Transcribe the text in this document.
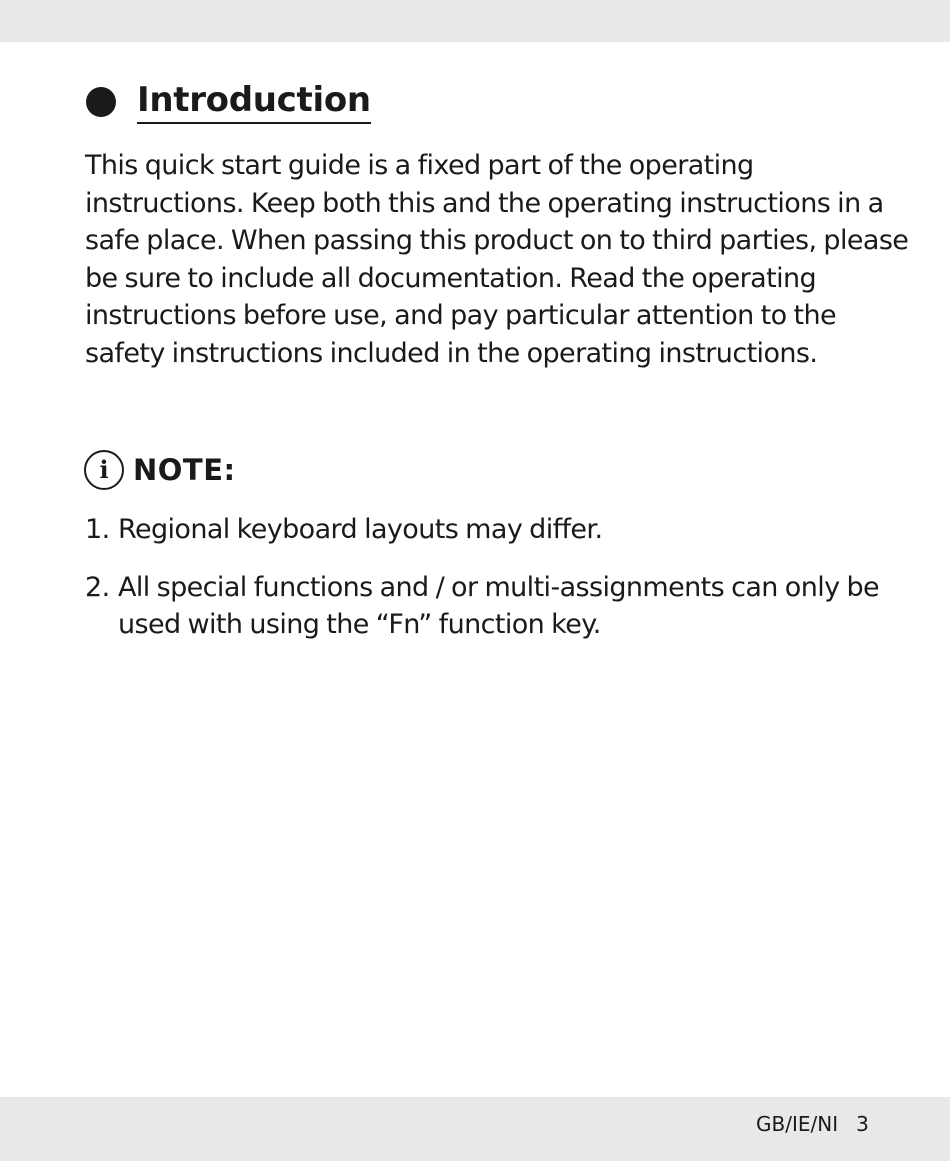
Introduction

This quick start guide is a fixed part of the operating instructions. Keep both this and the operating instructions in a safe place. When passing this product on to third parties, please be sure to include all documentation. Read the operating instructions before use, and pay particular attention to the safety instructions included in the operating instructions.

i NOTE:
1. Regional keyboard layouts may differ.
2. All special functions and / or multi-assignments can only be used with using the “Fn” function key.
GB/IE/NI 3
